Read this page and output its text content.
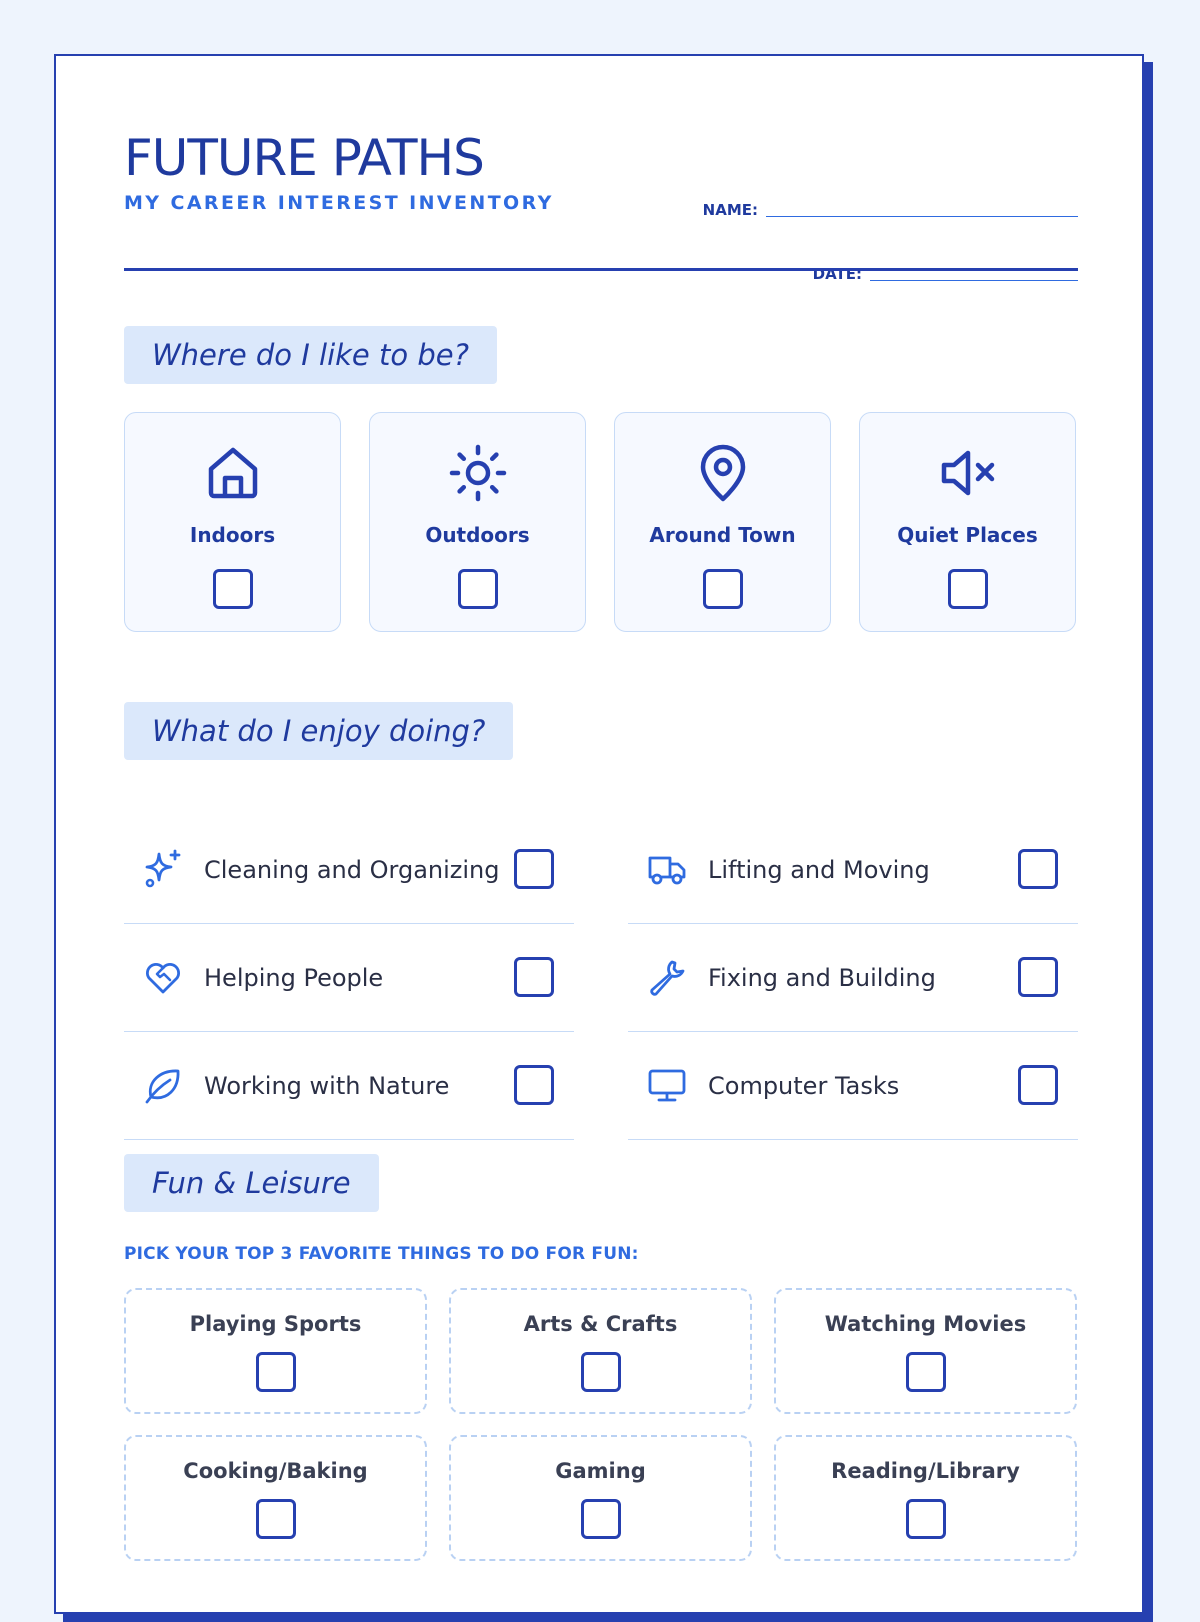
FUTURE PATHS
MY CAREER INTEREST INVENTORY	NAME:
DATE:
Where do I like to be?
Indoors	Outdoors	Around Town	Quiet Places
What do I enjoy doing?
Cleaning and Organizing	Lifting and Moving
Helping People	Fixing and Building
Working with Nature	Computer Tasks
Fun & Leisure
PICK YOUR TOP 3 FAVORITE THINGS TO DO FOR FUN:
Playing Sports	Arts & Crafts	Watching Movies
Cooking/Baking	Gaming	Reading/Library
